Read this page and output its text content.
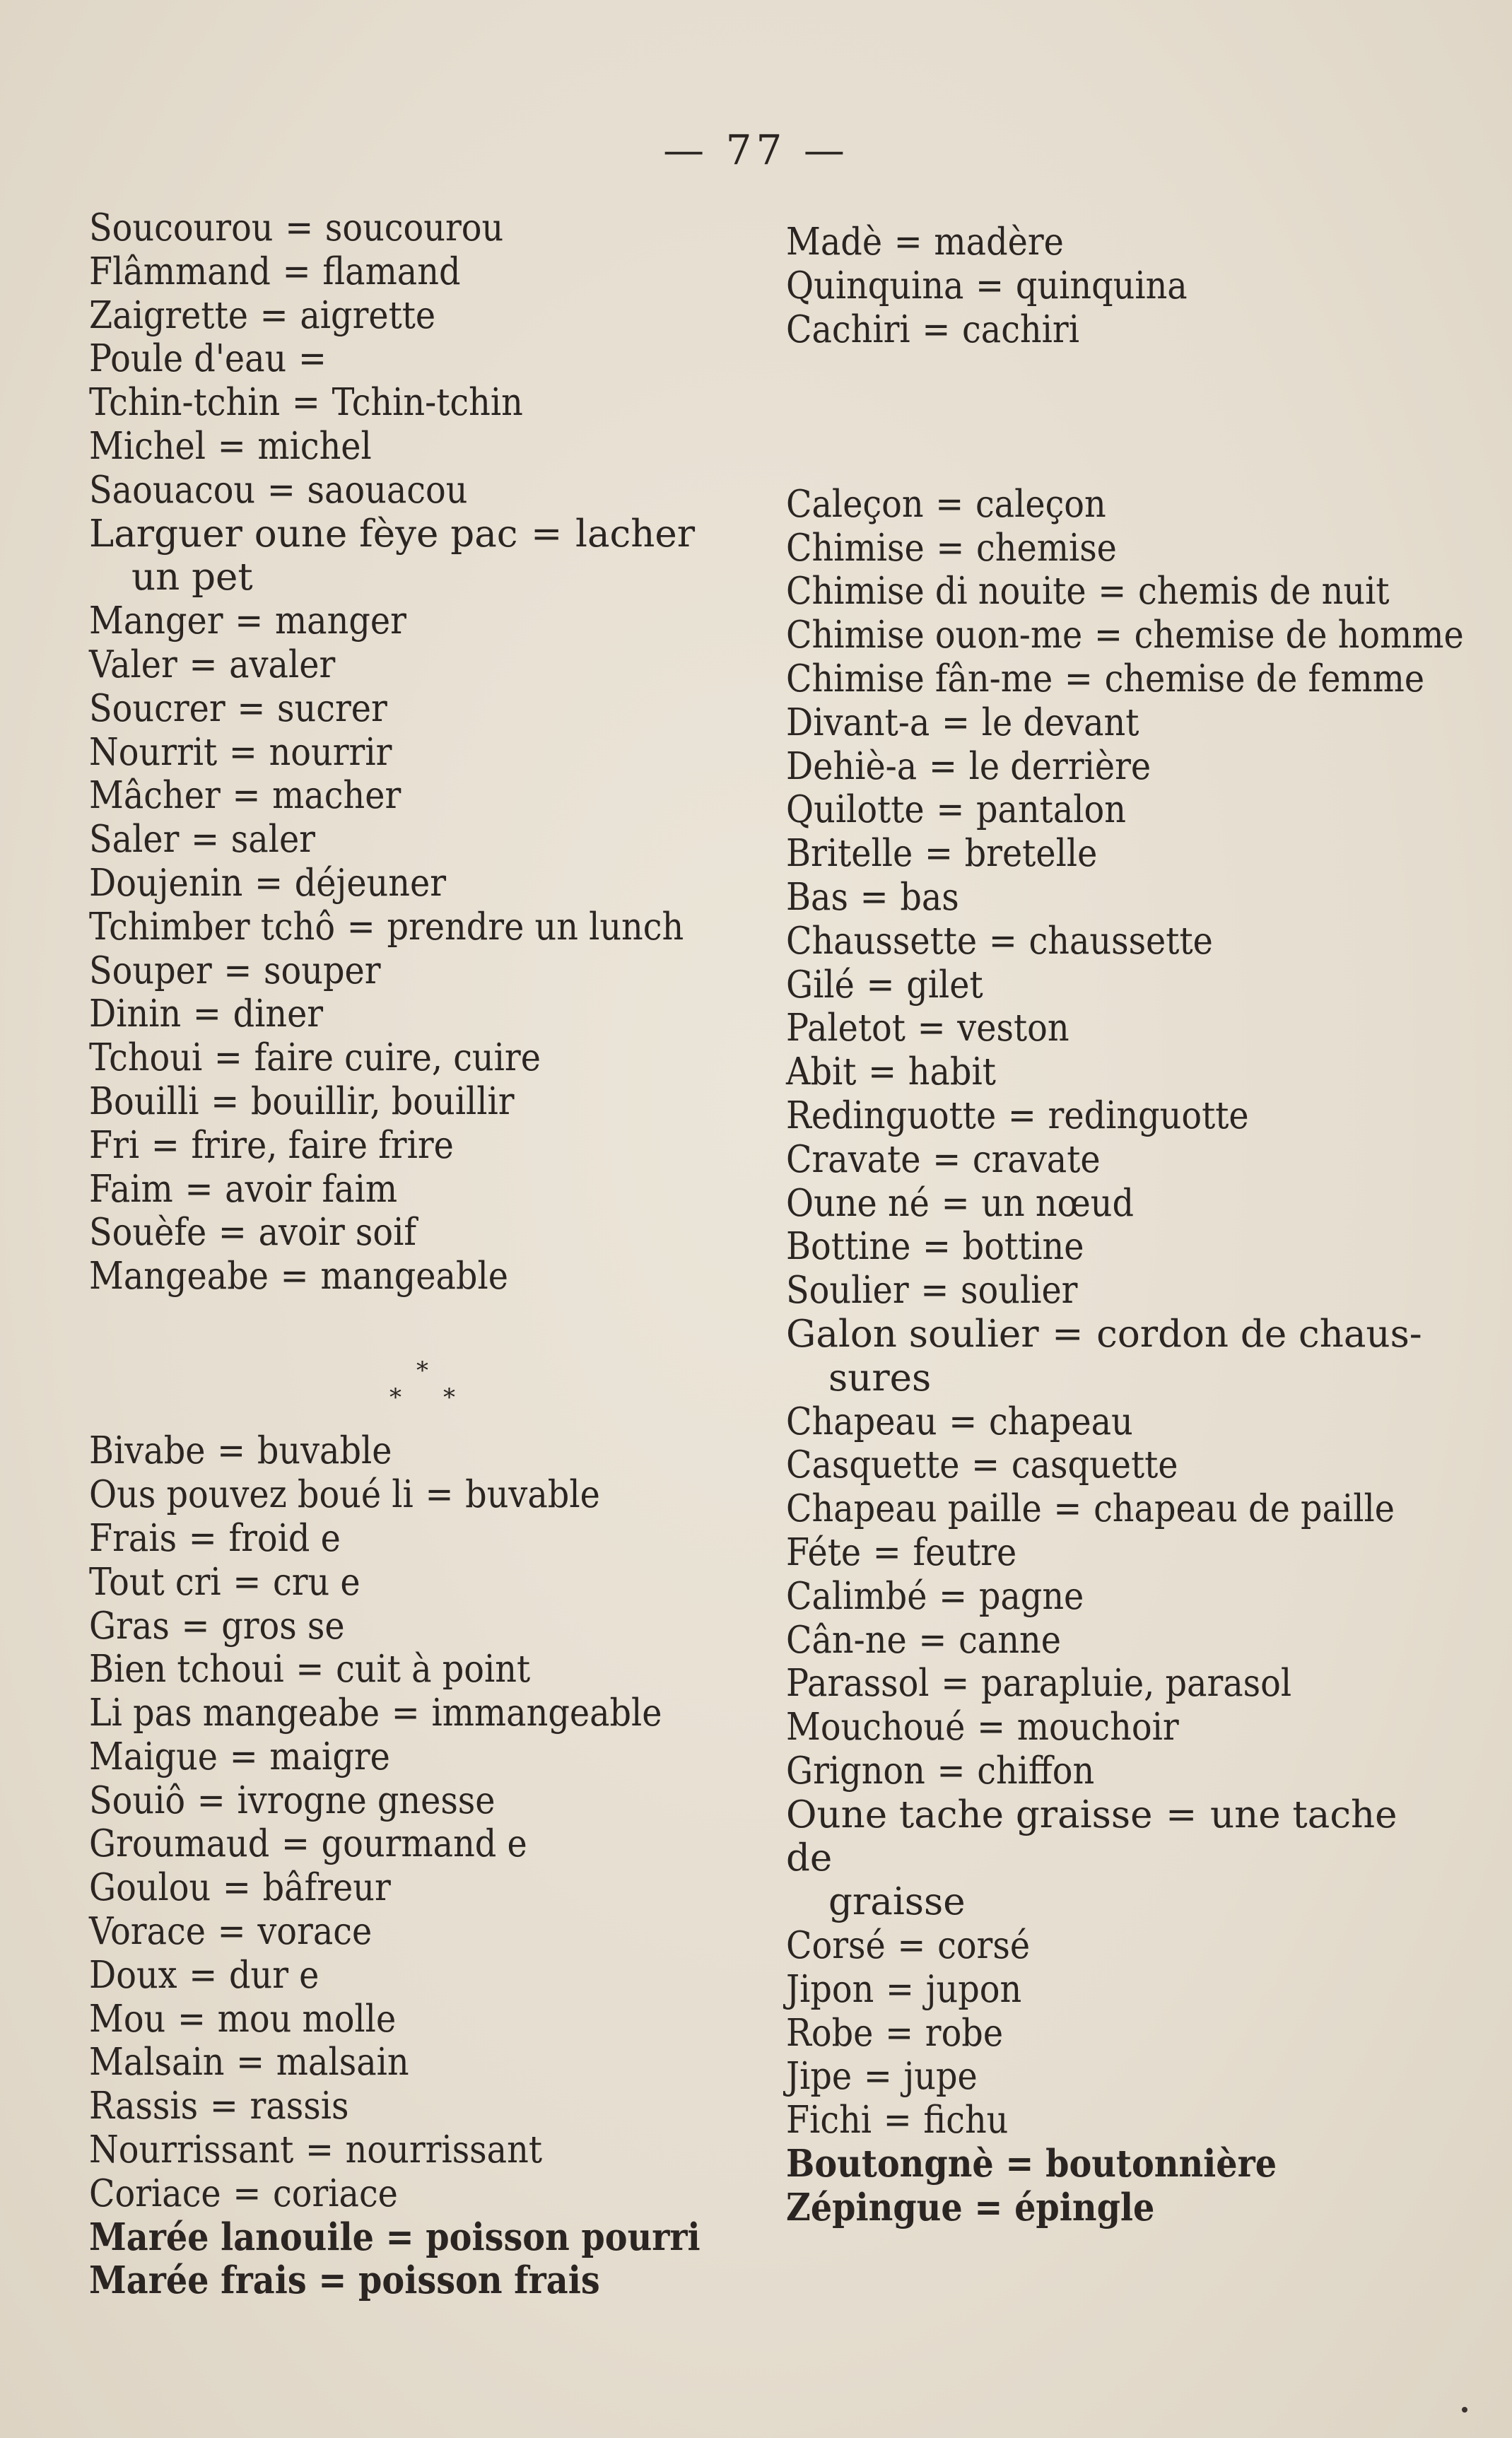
— 77 —
Soucourou = soucourou
Flâmmand = flamand
Zaigrette = aigrette
Poule d'eau =
Tchin-tchin = Tchin-tchin
Michel = michel
Saouacou = saouacou
Larguer oune fèye pac = lacher
un pet
Manger = manger
Valer = avaler
Soucrer = sucrer
Nourrit = nourrir
Mâcher = macher
Saler = saler
Doujenin = déjeuner
Tchimber tchô = prendre un lunch
Souper = souper
Dinin = diner
Tchoui = faire cuire, cuire
Bouilli = bouillir, bouillir
Fri = frire, faire frire
Faim = avoir faim
Souèfe = avoir soif
Mangeabe = mangeable
*
* *
Bivabe = buvable
Ous pouvez boué li = buvable
Frais = froid e
Tout cri = cru e
Gras = gros se
Bien tchoui = cuit à point
Li pas mangeabe = immangeable
Maigue = maigre
Souiô = ivrogne gnesse
Groumaud = gourmand e
Goulou = bâfreur
Vorace = vorace
Doux = dur e
Mou = mou molle
Malsain = malsain
Rassis = rassis
Nourrissant = nourrissant
Coriace = coriace
Marée lanouile = poisson pourri
Marée frais = poisson frais
Madè = madère
Quinquina = quinquina
Cachiri = cachiri
Caleçon = caleçon
Chimise = chemise
Chimise di nouite = chemis de nuit
Chimise ouon-me = chemise de homme
Chimise fân-me = chemise de femme
Divant-a = le devant
Dehiè-a = le derrière
Quilotte = pantalon
Britelle = bretelle
Bas = bas
Chaussette = chaussette
Gilé = gilet
Paletot = veston
Abit = habit
Redinguotte = redinguotte
Cravate = cravate
Oune né = un nœud
Bottine = bottine
Soulier = soulier
Galon soulier = cordon de chaus-
sures
Chapeau = chapeau
Casquette = casquette
Chapeau paille = chapeau de paille
Féte = feutre
Calimbé = pagne
Cân-ne = canne
Parassol = parapluie, parasol
Mouchoué = mouchoir
Grignon = chiffon
Oune tache graisse = une tache de
graisse
Corsé = corsé
Jipon = jupon
Robe = robe
Jipe = jupe
Fichi = fichu
Boutongnè = boutonnière
Zépingue = épingle
